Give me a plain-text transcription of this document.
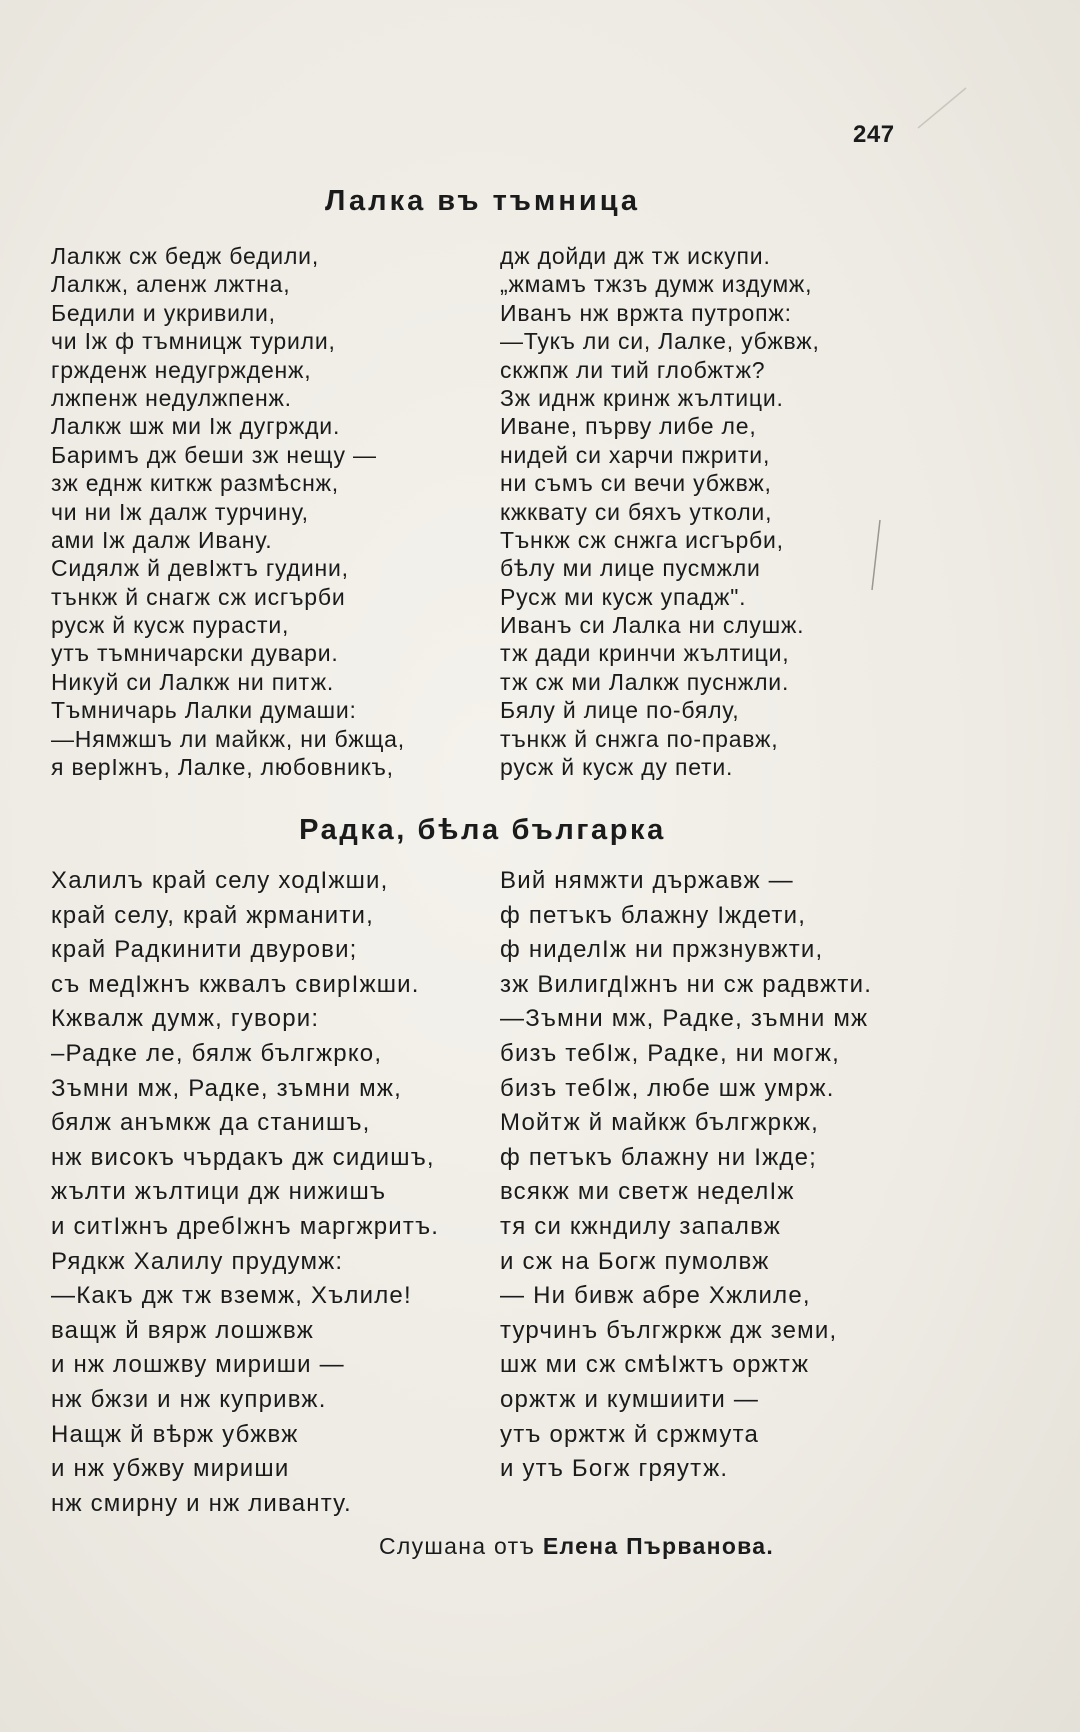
247
Лалка въ тъмница
Лалкж сж бедж бедили,
Лалкж, аленж лжтна,
Бедили и укривили,
чи Іж ф тъмницж турили,
гржденж недугржденж,
лжпенж недулжпенж.
Лалкж шж ми Іж дугржди.
Баримъ дж беши зж нещу —
зж еднж киткж размѣснж,
чи ни Іж далж турчину,
ами Іж далж Ивану.
Сидялж й девІжтъ гудини,
тънкж й снагж сж исгърби
русж й кусж пурасти,
утъ тъмничарски дувари.
Никуй си Лалкж ни питж.
Тъмничарь Лалки думаши:
—Нямжшъ ли майкж, ни бжща,
я верІжнъ, Лалке, любовникъ,
дж дойди дж тж искупи.
„жмамъ тжзъ думж издумж,
Иванъ нж вржта путропж:
—Тукъ ли си, Лалке, убжвж,
скжпж ли тий глобжтж?
Зж иднж кринж жълтици.
Иване, първу либе ле,
нидей си харчи пжрити,
ни съмъ си вечи убжвж,
кжквату си бяхъ утколи,
Тънкж сж снжга исгърби,
бѣлу ми лице пусмжли
Русж ми кусж упаджʺ.
Иванъ си Лалка ни слушж.
тж дади кринчи жълтици,
тж сж ми Лалкж пуснжли.
Бялу й лице по-бялу,
тънкж й снжга по-правж,
русж й кусж ду пети.
Радка, бѣла българка
Халилъ край селу ходІжши,
край селу, край жрманити,
край Радкинити двурови;
съ медІжнъ кжвалъ свирІжши.
Кжвалж думж, гувори:
–Радке ле, бялж бългжрко,
Зъмни мж, Радке, зъмни мж,
бялж анъмкж да станишъ,
нж високъ чърдакъ дж сидишъ,
жълти жълтици дж нижишъ
и ситІжнъ дребІжнъ маргжритъ.
Рядкж Халилу прудумж:
—Какъ дж тж вземж, Хълиле!
ващж й вярж лошжвж
и нж лошжву мириши —
нж бжзи и нж купривж.
Нащж й вѣрж убжвж
и нж убжву мириши
нж смирну и нж ливанту.
Вий нямжти държавж —
ф петъкъ блажну Іждети,
ф ниделІж ни пржзнувжти,
зж ВилигдІжнъ ни сж радвжти.
—Зъмни мж, Радке, зъмни мж
бизъ тебІж, Радке, ни могж,
бизъ тебІж, любе шж умрж.
Мойтж й майкж бългжркж,
ф петъкъ блажну ни Іжде;
всякж ми светж неделІж
тя си кжндилу запалвж
и сж на Богж пумолвж
— Ни бивж абре Хжлиле,
турчинъ бългжркж дж земи,
шж ми сж смѣІжтъ оржтж
оржтж и кумшиити —
утъ оржтж й сржмута
и утъ Богж гряутж.
Слушана отъ Елена Първанова.
